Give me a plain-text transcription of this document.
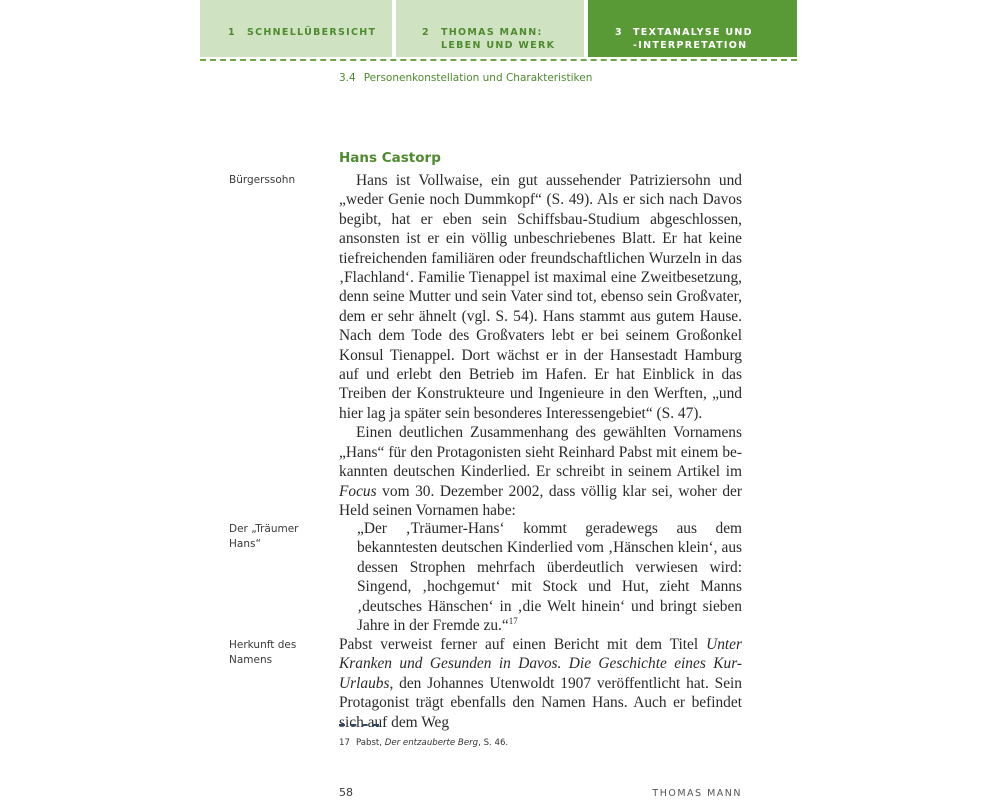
1 SCHNELLÜBERSICHT	2 THOMAS MANN:
LEBEN UND WERK
3 TEXTANALYSE UND
-INTERPRETATION
3.4 Personenkonstellation und Charakteristiken
Hans Castorp
Bürgerssohn
Der „Träumer Hans“
Herkunft des Namens

Hans ist Vollwaise, ein gut aussehender Patriziersohn und „weder Genie noch Dummkopf“ (S. 49). Als er sich nach Davos begibt, hat er eben sein Schiffsbau-Studium abgeschlossen, ansonsten ist er ein völlig unbeschriebenes Blatt. Er hat keine tiefreichenden familiären oder freundschaftlichen Wurzeln in das ‚Flachland‘. Familie Tienappel ist maximal eine Zweitbesetzung, denn seine Mutter und sein Vater sind tot, ebenso sein Großvater, dem er sehr ähnelt (vgl. S. 54). Hans stammt aus gutem Hause. Nach dem Tode des Großvaters lebt er bei seinem Großonkel Konsul Tienappel. Dort wächst er in der Hansestadt Hamburg auf und erlebt den Betrieb im Hafen. Er hat Einblick in das Treiben der Konstrukteure und Ingenieure in den Werften, „und hier lag ja später sein besonderes Interessengebiet“ (S. 47).

Einen deutlichen Zusammenhang des gewählten Vornamens „Hans“ für den Protagonisten sieht Reinhard Pabst mit einem bekannten deutschen Kinderlied. Er schreibt in seinem Artikel im Focus vom 30. Dezember 2002, dass völlig klar sei, woher der Held seinen Vornamen habe:

„Der ‚Träumer-Hans‘ kommt geradewegs aus dem bekanntesten deutschen Kinderlied vom ‚Hänschen klein‘, aus dessen Strophen mehrfach überdeutlich verwiesen wird: Singend, ‚hochgemut‘ mit Stock und Hut, zieht Manns ‚deutsches Hänschen‘ in ‚die Welt hinein‘ und bringt sieben Jahre in der Fremde zu.“$^{17}$

Pabst verweist ferner auf einen Bericht mit dem Titel Unter Kranken und Gesunden in Davos. Die Geschichte eines Kur-Urlaubs, den Johannes Utenwoldt 1907 veröffentlicht hat. Sein Protagonist trägt ebenfalls den Namen Hans. Auch er befindet sich auf dem Weg

17 Pabst, Der entzauberte Berg, S. 46.
58	THOMAS MANN
